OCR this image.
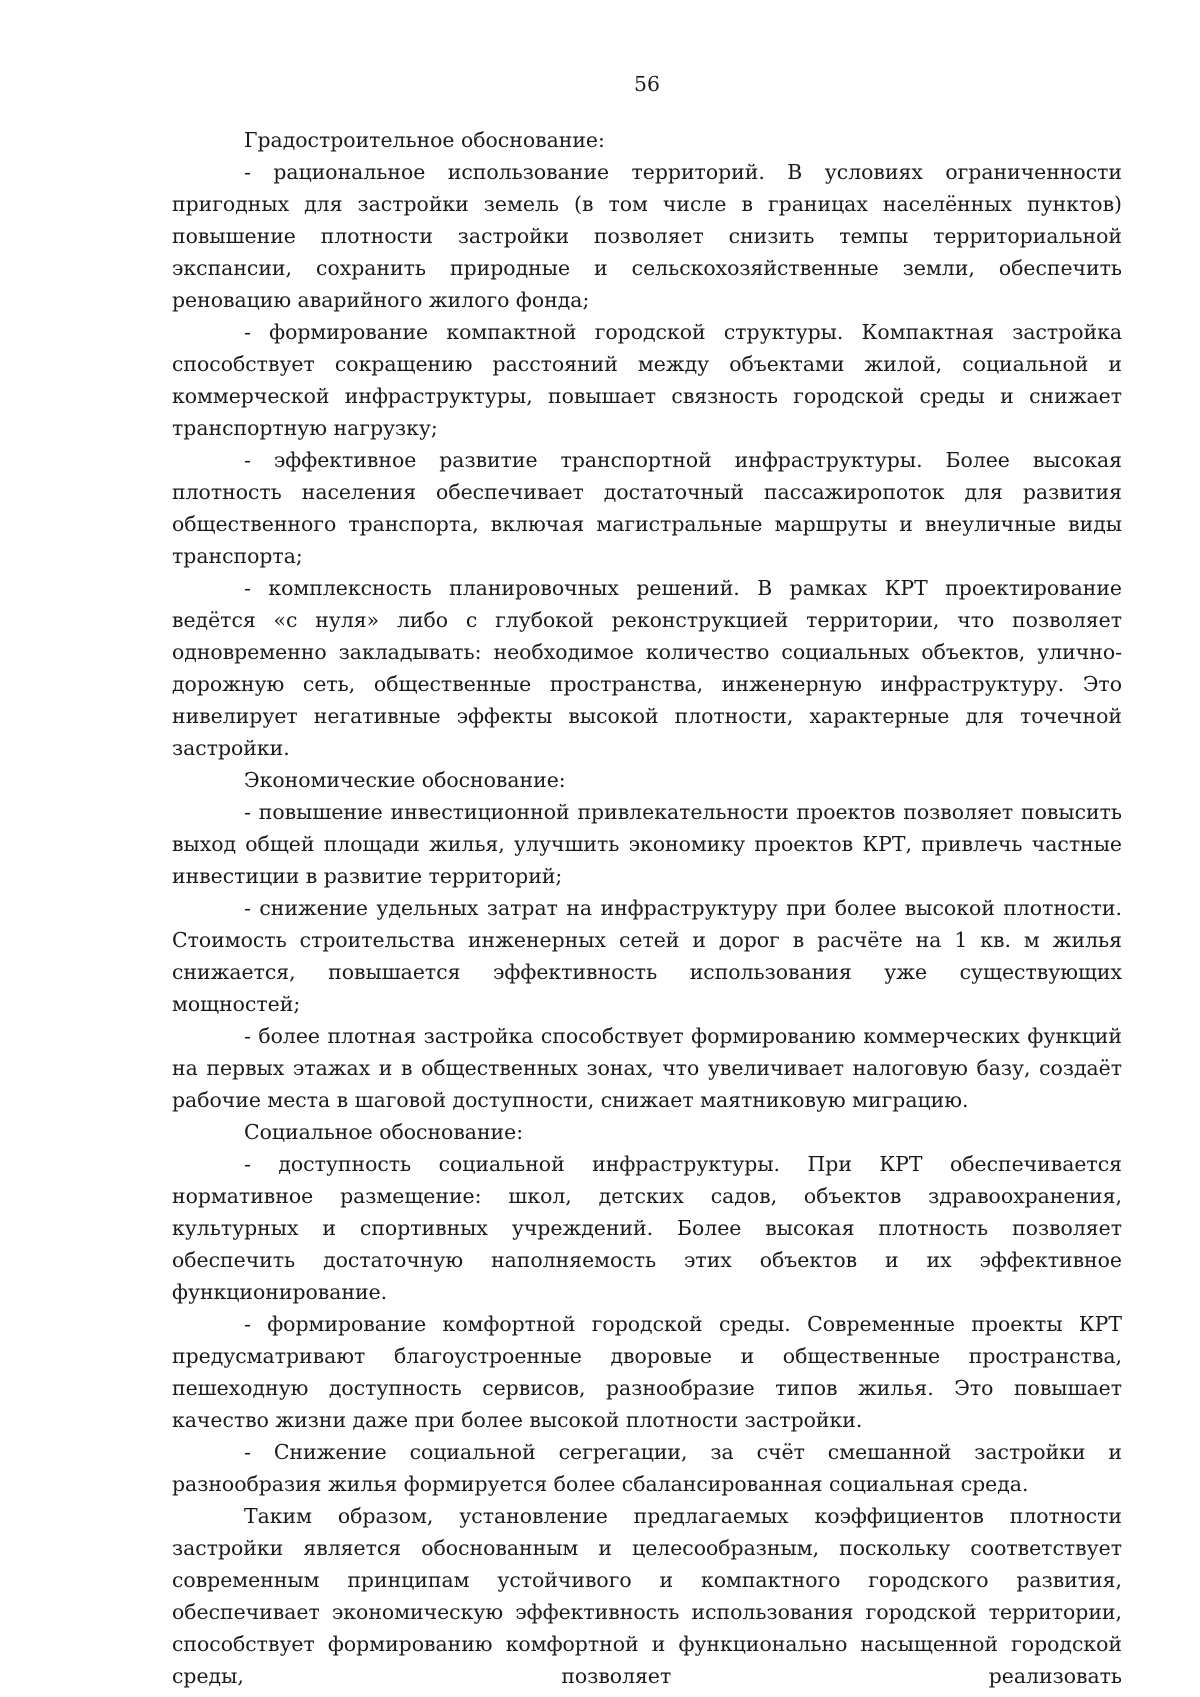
56

Градостроительное обоснование:

- рациональное использование территорий. В условиях ограниченности пригодных для застройки земель (в том числе в границах населённых пунктов) повышение плотности застройки позволяет снизить темпы территориальной экспансии, сохранить природные и сельскохозяйственные земли, обеспечить реновацию аварийного жилого фонда;

- формирование компактной городской структуры. Компактная застройка способствует сокращению расстояний между объектами жилой, социальной и коммерческой инфраструктуры, повышает связность городской среды и снижает транспортную нагрузку;

- эффективное развитие транспортной инфраструктуры. Более высокая плотность населения обеспечивает достаточный пассажиропоток для развития общественного транспорта, включая магистральные маршруты и внеуличные виды транспорта;

- комплексность планировочных решений. В рамках КРТ проектирование ведётся «с нуля» либо с глубокой реконструкцией территории, что позволяет одновременно закладывать: необходимое количество социальных объектов, улично-дорожную сеть, общественные пространства, инженерную инфраструктуру. Это нивелирует негативные эффекты высокой плотности, характерные для точечной застройки.

Экономические обоснование:

- повышение инвестиционной привлекательности проектов позволяет повысить выход общей площади жилья, улучшить экономику проектов КРТ, привлечь частные инвестиции в развитие территорий;

- снижение удельных затрат на инфраструктуру при более высокой плотности. Стоимость строительства инженерных сетей и дорог в расчёте на 1 кв. м жилья снижается, повышается эффективность использования уже существующих мощностей;

- более плотная застройка способствует формированию коммерческих функций на первых этажах и в общественных зонах, что увеличивает налоговую базу, создаёт рабочие места в шаговой доступности, снижает маятниковую миграцию.

Социальное обоснование:

- доступность социальной инфраструктуры. При КРТ обеспечивается нормативное размещение: школ, детских садов, объектов здравоохранения, культурных и спортивных учреждений. Более высокая плотность позволяет обеспечить достаточную наполняемость этих объектов и их эффективное функционирование.

- формирование комфортной городской среды. Современные проекты КРТ предусматривают благоустроенные дворовые и общественные пространства, пешеходную доступность сервисов, разнообразие типов жилья. Это повышает качество жизни даже при более высокой плотности застройки.

- Снижение социальной сегрегации, за счёт смешанной застройки и разнообразия жилья формируется более сбалансированная социальная среда.

Таким образом, установление предлагаемых коэффициентов плотности застройки является обоснованным и целесообразным, поскольку соответствует современным принципам устойчивого и компактного городского развития, обеспечивает экономическую эффективность использования городской территории, способствует формированию комфортной и функционально насыщенной городской среды, позволяет реализовать
